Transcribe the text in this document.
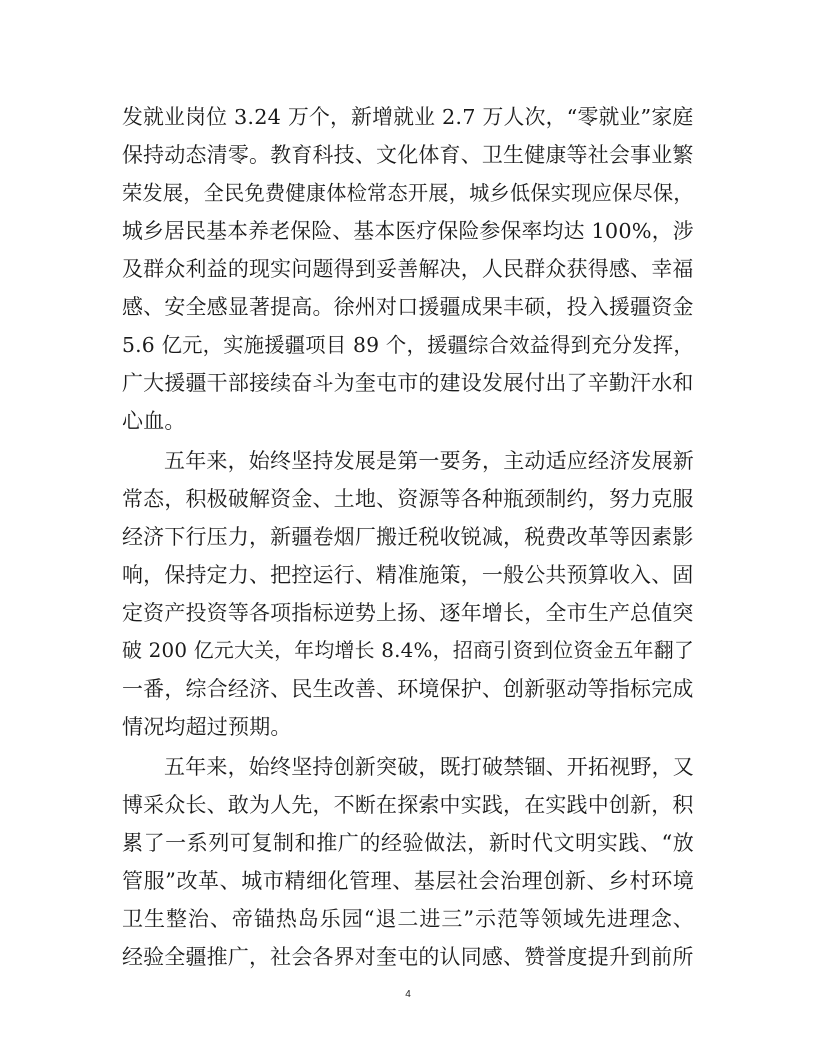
发就业岗位 3.24 万个，新增就业 2.7 万人次，“零就业”家庭
保持动态清零。教育科技、文化体育、卫生健康等社会事业繁
荣发展，全民免费健康体检常态开展，城乡低保实现应保尽保，
城乡居民基本养老保险、基本医疗保险参保率均达 100%，涉
及群众利益的现实问题得到妥善解决，人民群众获得感、幸福
感、安全感显著提高。徐州对口援疆成果丰硕，投入援疆资金
5.6 亿元，实施援疆项目 89 个，援疆综合效益得到充分发挥，
广大援疆干部接续奋斗为奎屯市的建设发展付出了辛勤汗水和
心血。
五年来，始终坚持发展是第一要务，主动适应经济发展新
常态，积极破解资金、土地、资源等各种瓶颈制约，努力克服
经济下行压力，新疆卷烟厂搬迁税收锐减，税费改革等因素影
响，保持定力、把控运行、精准施策，一般公共预算收入、固
定资产投资等各项指标逆势上扬、逐年增长，全市生产总值突
破 200 亿元大关，年均增长 8.4%，招商引资到位资金五年翻了
一番，综合经济、民生改善、环境保护、创新驱动等指标完成
情况均超过预期。
五年来，始终坚持创新突破，既打破禁锢、开拓视野，又
博采众长、敢为人先，不断在探索中实践，在实践中创新，积
累了一系列可复制和推广的经验做法，新时代文明实践、“放
管服”改革、城市精细化管理、基层社会治理创新、乡村环境
卫生整治、帝锚热岛乐园“退二进三”示范等领域先进理念、
经验全疆推广，社会各界对奎屯的认同感、赞誉度提升到前所
4
